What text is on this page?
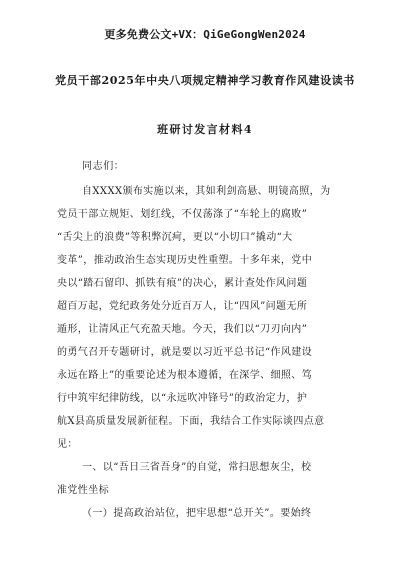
更多免费公文+VX：QiGeGongWen2024
党员干部2025年中央八项规定精神学习教育作风建设读书
班研讨发言材料4
同志们：
自XXXX颁布实施以来，其如利剑高悬、明镜高照，为
党员干部立规矩、划红线，不仅荡涤了“车轮上的腐败”
“舌尖上的浪费”等积弊沉疴，更以“小切口”撬动“大
变革”，推动政治生态实现历史性重塑。十多年来，党中
央以“踏石留印、抓铁有痕”的决心，累计查处作风问题
超百万起，党纪政务处分近百万人，让“四风”问题无所
遁形，让清风正气充盈天地。今天，我们以“刀刃向内”
的勇气召开专题研讨，就是要以习近平总书记“作风建设
永远在路上”的重要论述为根本遵循，在深学、细照、笃
行中筑牢纪律防线，以“永远吹冲锋号”的政治定力，护
航X县高质量发展新征程。下面，我结合工作实际谈四点意
见：
一、以“吾日三省吾身”的自觉，常扫思想灰尘，校
准党性坐标
（一）提高政治站位，把牢思想“总开关”。要始终
